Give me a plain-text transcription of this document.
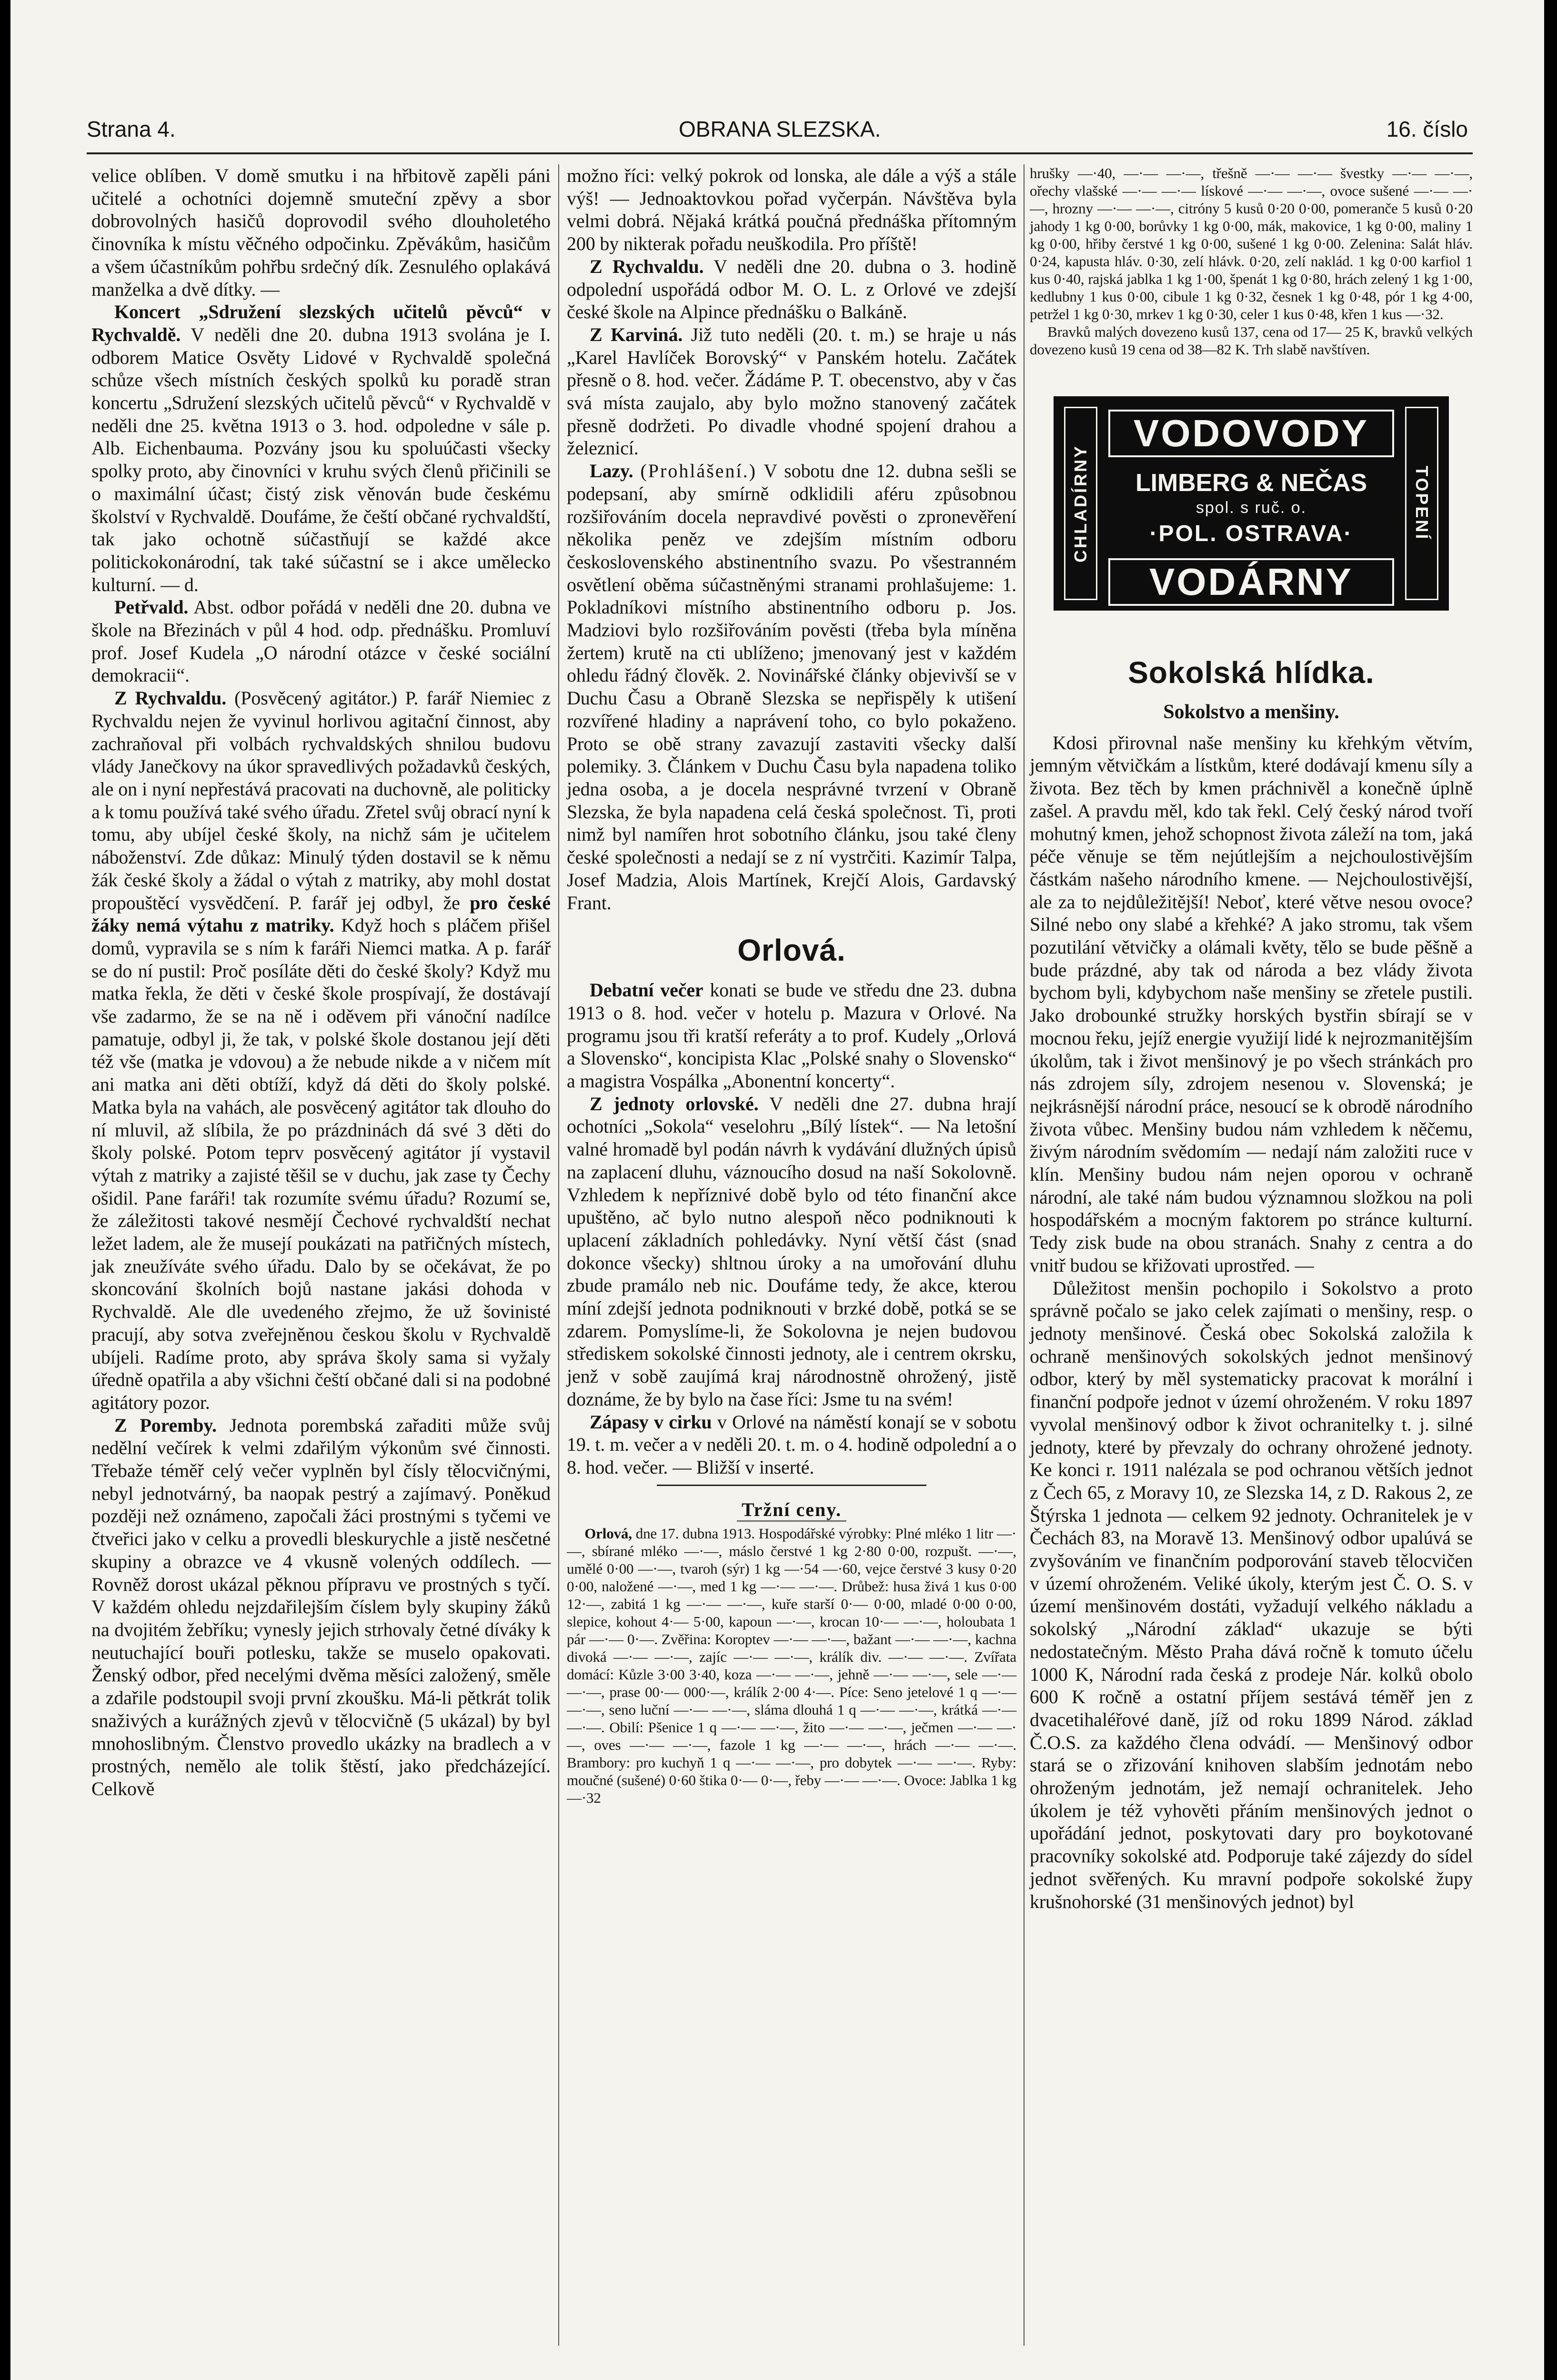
Strana 4.	OBRANA SLEZSKA.	16. číslo

velice oblíben. V domě smutku i na hřbitově zapěli páni učitelé a ochotníci dojemně smuteční zpěvy a sbor dobrovolných hasičů doprovodil svého dlouholetého činovníka k místu věčného odpočinku. Zpěvákům, hasičům a všem účastníkům pohřbu srdečný dík. Zesnulého oplakává manželka a dvě dítky. —

Koncert „Sdružení slezských učitelů pěvců“ v Rychvaldě. V neděli dne 20. dubna 1913 svolána je I. odborem Matice Osvěty Lidové v Rychvaldě společná schůze všech místních českých spolků ku poradě stran koncertu „Sdružení slezských učitelů pěvců“ v Rychvaldě v neděli dne 25. května 1913 o 3. hod. odpoledne v sále p. Alb. Eichenbauma. Pozvány jsou ku spoluúčasti všecky spolky proto, aby činovníci v kruhu svých členů přičinili se o maximální účast; čistý zisk věnován bude českému školství v Rychvaldě. Doufáme, že čeští občané rychvaldští, tak jako ochotně súčastňují se každé akce politickokonárodní, tak také súčastní se i akce umělecko kulturní. — d.

Petřvald. Abst. odbor pořádá v neděli dne 20. dubna ve škole na Březinách v půl 4 hod. odp. přednášku. Promluví prof. Josef Kudela „O národní otázce v české sociální demokracii“.

Z Rychvaldu. (Posvěcený agitátor.) P. farář Niemiec z Rychvaldu nejen že vyvinul horlivou agitační činnost, aby zachraňoval při volbách rychvaldských shnilou budovu vlády Janečkovy na úkor spravedlivých požadavků českých, ale on i nyní nepřestává pracovati na duchovně, ale politicky a k tomu používá také svého úřadu. Zřetel svůj obrací nyní k tomu, aby ubíjel české školy, na nichž sám je učitelem náboženství. Zde důkaz: Minulý týden dostavil se k němu žák české školy a žádal o výtah z matriky, aby mohl dostat propouštěcí vysvědčení. P. farář jej odbyl, že pro české žáky nemá výtahu z matriky. Když hoch s pláčem přišel domů, vypravila se s ním k faráři Niemci matka. A p. farář se do ní pustil: Proč posíláte děti do české školy? Když mu matka řekla, že děti v české škole prospívají, že dostávají vše zadarmo, že se na ně i oděvem při vánoční nadílce pamatuje, odbyl ji, že tak, v polské škole dostanou její děti též vše (matka je vdovou) a že nebude nikde a v ničem mít ani matka ani děti obtíží, když dá děti do školy polské. Matka byla na vahách, ale posvěcený agitátor tak dlouho do ní mluvil, až slíbila, že po prázdninách dá své 3 děti do školy polské. Potom teprv posvěcený agitátor jí vystavil výtah z matriky a zajisté těšil se v duchu, jak zase ty Čechy ošidil. Pane faráři! tak rozumíte svému úřadu? Rozumí se, že záležitosti takové nesmějí Čechové rychvaldští nechat ležet ladem, ale že musejí poukázati na patřičných místech, jak zneužíváte svého úřadu. Dalo by se očekávat, že po skoncování školních bojů nastane jakási dohoda v Rychvaldě. Ale dle uvedeného zřejmo, že už šovinisté pracují, aby sotva zveřejněnou českou školu v Rychvaldě ubíjeli. Radíme proto, aby správa školy sama si vyžaly úředně opatřila a aby všichni čeští občané dali si na podobné agitátory pozor.

Z Poremby. Jednota porembská zařaditi může svůj nedělní večírek k velmi zdařilým výkonům své činnosti. Třebaže téměř celý večer vyplněn byl čísly tělocvičnými, nebyl jednotvárný, ba naopak pestrý a zajímavý. Poněkud později než oznámeno, započali žáci prostnými s tyčemi ve čtveřici jako v celku a provedli bleskurychle a jistě nesčetné skupiny a obrazce ve 4 vkusně volených oddílech. — Rovněž dorost ukázal pěknou přípravu ve prostných s tyčí. V každém ohledu nejzdařilejším číslem byly skupiny žáků na dvojitém žebříku; vynesly jejich strhovaly četné díváky k neutuchající bouři potlesku, takže se muselo opakovati. Ženský odbor, před necelými dvěma měsíci založený, směle a zdařile podstoupil svoji první zkoušku. Má-li pětkrát tolik snaživých a kurážných zjevů v tělocvičně (5 ukázal) by byl mnohoslibným. Členstvo provedlo ukázky na bradlech a v prostných, nemělo ale tolik štěstí, jako předcházející. Celkově

možno říci: velký pokrok od lonska, ale dále a výš a stále výš! — Jednoaktovkou pořad vyčerpán. Návštěva byla velmi dobrá. Nějaká krátká poučná přednáška přítomným 200 by nikterak pořadu neuškodila. Pro příště!

Z Rychvaldu. V neděli dne 20. dubna o 3. hodině odpolední uspořádá odbor M. O. L. z Orlové ve zdejší české škole na Alpince přednášku o Balkáně.

Z Karviná. Již tuto neděli (20. t. m.) se hraje u nás „Karel Havlíček Borovský“ v Panském hotelu. Začátek přesně o 8. hod. večer. Žádáme P. T. obecenstvo, aby v čas svá místa zaujalo, aby bylo možno stanovený začátek přesně dodržeti. Po divadle vhodné spojení drahou a železnicí.

Lazy. (Prohlášení.) V sobotu dne 12. dubna sešli se podepsaní, aby smírně odklidili aféru způsobnou rozšiřováním docela nepravdivé pověsti o zpronevěření několika peněz ve zdejším místním odboru československého abstinentního svazu. Po všestranném osvětlení oběma súčastněnými stranami prohlašujeme: 1. Pokladníkovi místního abstinentního odboru p. Jos. Madziovi bylo rozšiřováním pověsti (třeba byla míněna žertem) krutě na cti ublíženo; jmenovaný jest v každém ohledu řádný člověk. 2. Novinářské články objevivší se v Duchu Času a Obraně Slezska se nepřispěly k utišení rozvířené hladiny a naprávení toho, co bylo pokaženo. Proto se obě strany zavazují zastaviti všecky další polemiky. 3. Článkem v Duchu Času byla napadena toliko jedna osoba, a je docela nesprávné tvrzení v Obraně Slezska, že byla napadena celá česká společnost. Ti, proti nimž byl namířen hrot sobotního článku, jsou také členy české společnosti a nedají se z ní vystrčiti. Kazimír Talpa, Josef Madzia, Alois Martínek, Krejčí Alois, Gardavský Frant.

Orlová.

Debatní večer konati se bude ve středu dne 23. dubna 1913 o 8. hod. večer v hotelu p. Mazura v Orlové. Na programu jsou tři kratší referáty a to prof. Kudely „Orlová a Slovensko“, koncipista Klac „Polské snahy o Slovensko“ a magistra Vospálka „Abonentní koncerty“.

Z jednoty orlovské. V neděli dne 27. dubna hrají ochotníci „Sokola“ veselohru „Bílý lístek“. — Na letošní valné hromadě byl podán návrh k vydávání dlužných úpisů na zaplacení dluhu, váznoucího dosud na naší Sokolovně. Vzhledem k nepříznivé době bylo od této finanční akce upuštěno, ač bylo nutno alespoň něco podniknouti k uplacení základních pohledávky. Nyní větší část (snad dokonce všecky) shltnou úroky a na umořování dluhu zbude pramálo neb nic. Doufáme tedy, že akce, kterou míní zdejší jednota podniknouti v brzké době, potká se se zdarem. Pomyslíme-li, že Sokolovna je nejen budovou střediskem sokolské činnosti jednoty, ale i centrem okrsku, jenž v sobě zaujímá kraj národnostně ohrožený, jistě doznáme, že by bylo na čase říci: Jsme tu na svém!

Zápasy v cirku v Orlové na náměstí konají se v sobotu 19. t. m. večer a v neděli 20. t. m. o 4. hodině odpolední a o 8. hod. večer. — Bližší v inserté.

Tržní ceny.

Orlová, dne 17. dubna 1913. Hospodářské výrobky: Plné mléko 1 litr —·—, sbírané mléko —·—, máslo čerstvé 1 kg 2·80 0·00, rozpušt. —·—, umělé 0·00 —·—, tvaroh (sýr) 1 kg —·54 —·60, vejce čerstvé 3 kusy 0·20 0·00, naložené —·—, med 1 kg —·— —·—. Drůbež: husa živá 1 kus 0·00 12·—, zabitá 1 kg —·— —·—, kuře starší 0·— 0·00, mladé 0·00 0·00, slepice, kohout 4·— 5·00, kapoun —·—, krocan 10·— —·—, holoubata 1 pár —·— 0·—. Zvěřina: Koroptev —·— —·—, bažant —·— —·—, kachna divoká —·— —·—, zajíc —·— —·—, králík div. —·— —·—. Zvířata domácí: Kůzle 3·00 3·40, koza —·— —·—, jehně —·— —·—, sele —·— —·—, prase 00·— 000·—, králík 2·00 4·—. Píce: Seno jetelové 1 q —·— —·—, seno luční —·— —·—, sláma dlouhá 1 q —·— —·—, krátká —·— —·—. Obilí: Pšenice 1 q —·— —·—, žito —·— —·—, ječmen —·— —·—, oves —·— —·—, fazole 1 kg —·— —·—, hrách —·— —·—. Brambory: pro kuchyň 1 q —·— —·—, pro dobytek —·— —·—. Ryby: moučné (sušené) 0·60 štika 0·— 0·—, řeby —·— —·—. Ovoce: Jablka 1 kg —·32

hrušky —·40, —·— —·—, třešně —·— —·— švestky —·— —·—, ořechy vlašské —·— —·— lískové —·— —·—, ovoce sušené —·— —·—, hrozny —·— —·—, citróny 5 kusů 0·20 0·00, pomeranče 5 kusů 0·20 jahody 1 kg 0·00, borůvky 1 kg 0·00, mák, makovice, 1 kg 0·00, maliny 1 kg 0·00, hřiby čerstvé 1 kg 0·00, sušené 1 kg 0·00. Zelenina: Salát hláv. 0·24, kapusta hláv. 0·30, zelí hlávk. 0·20, zelí naklád. 1 kg 0·00 karfiol 1 kus 0·40, rajská jablka 1 kg 1·00, špenát 1 kg 0·80, hrách zelený 1 kg 1·00, kedlubny 1 kus 0·00, cibule 1 kg 0·32, česnek 1 kg 0·48, pór 1 kg 4·00, petržel 1 kg 0·30, mrkev 1 kg 0·30, celer 1 kus 0·48, křen 1 kus —·32.

Bravků malých dovezeno kusů 137, cena od 17— 25 K, bravků velkých dovezeno kusů 19 cena od 38—82 K. Trh slabě navštíven.

CHLADÍRNY	TOPENÍ
VODOVODY
LIMBERG & NEČAS
spol. s ruč. o.
·POL. OSTRAVA·
VODÁRNY
Sokolská hlídka.
Sokolstvo a menšiny.

Kdosi přirovnal naše menšiny ku křehkým větvím, jemným větvičkám a lístkům, které dodávají kmenu síly a života. Bez těch by kmen práchnivěl a konečně úplně zašel. A pravdu měl, kdo tak řekl. Celý český národ tvoří mohutný kmen, jehož schopnost života záleží na tom, jaká péče věnuje se těm nejútlejším a nejchoulostivějším částkám našeho národního kmene. — Nejchoulostivější, ale za to nejdůležitější! Neboť, které větve nesou ovoce? Silné nebo ony slabé a křehké? A jako stromu, tak všem pozutilání větvičky a olámali květy, tělo se bude pěšně a bude prázdné, aby tak od národa a bez vlády života bychom byli, kdybychom naše menšiny se zřetele pustili. Jako drobounké stružky horských bystřin sbírají se v mocnou řeku, jejíž energie využijí lidé k nejrozmanitějším úkolům, tak i život menšinový je po všech stránkách pro nás zdrojem síly, zdrojem nesenou v. Slovenská; je nejkrásnější národní práce, nesoucí se k obrodě národního života vůbec. Menšiny budou nám vzhledem k něčemu, živým národním svědomím — nedají nám založiti ruce v klín. Menšiny budou nám nejen oporou v ochraně národní, ale také nám budou významnou složkou na poli hospodářském a mocným faktorem po stránce kulturní. Tedy zisk bude na obou stranách. Snahy z centra a do vnitř budou se křižovati uprostřed. —

Důležitost menšin pochopilo i Sokolstvo a proto správně počalo se jako celek zajímati o menšiny, resp. o jednoty menšinové. Česká obec Sokolská založila k ochraně menšinových sokolských jednot menšinový odbor, který by měl systematicky pracovat k morální i finanční podpoře jednot v území ohroženém. V roku 1897 vyvolal menšinový odbor k život ochranitelky t. j. silné jednoty, které by převzaly do ochrany ohrožené jednoty. Ke konci r. 1911 nalézala se pod ochranou větších jednot z Čech 65, z Moravy 10, ze Slezska 14, z D. Rakous 2, ze Štýrska 1 jednota — celkem 92 jednoty. Ochranitelek je v Čechách 83, na Moravě 13. Menšinový odbor upalúvá se zvyšováním ve finančním podporování staveb tělocvičen v území ohroženém. Veliké úkoly, kterým jest Č. O. S. v území menšinovém dostáti, vyžadují velkého nákladu a sokolský „Národní základ“ ukazuje se býti nedostatečným. Město Praha dává ročně k tomuto účelu 1000 K, Národní rada česká z prodeje Nár. kolků obolo 600 K ročně a ostatní příjem sestává téměř jen z dvacetihaléřové daně, jíž od roku 1899 Národ. základ Č.O.S. za každého člena odvádí. — Menšinový odbor stará se o zřizování knihoven slabším jednotám nebo ohroženým jednotám, jež nemají ochranitelek. Jeho úkolem je též vyhověti přáním menšinových jednot o upořádání jednot, poskytovati dary pro boykotované pracovníky sokolské atd. Podporuje také zájezdy do sídel jednot svěřených. Ku mravní podpoře sokolské župy krušnohorské (31 menšinových jednot) byl
